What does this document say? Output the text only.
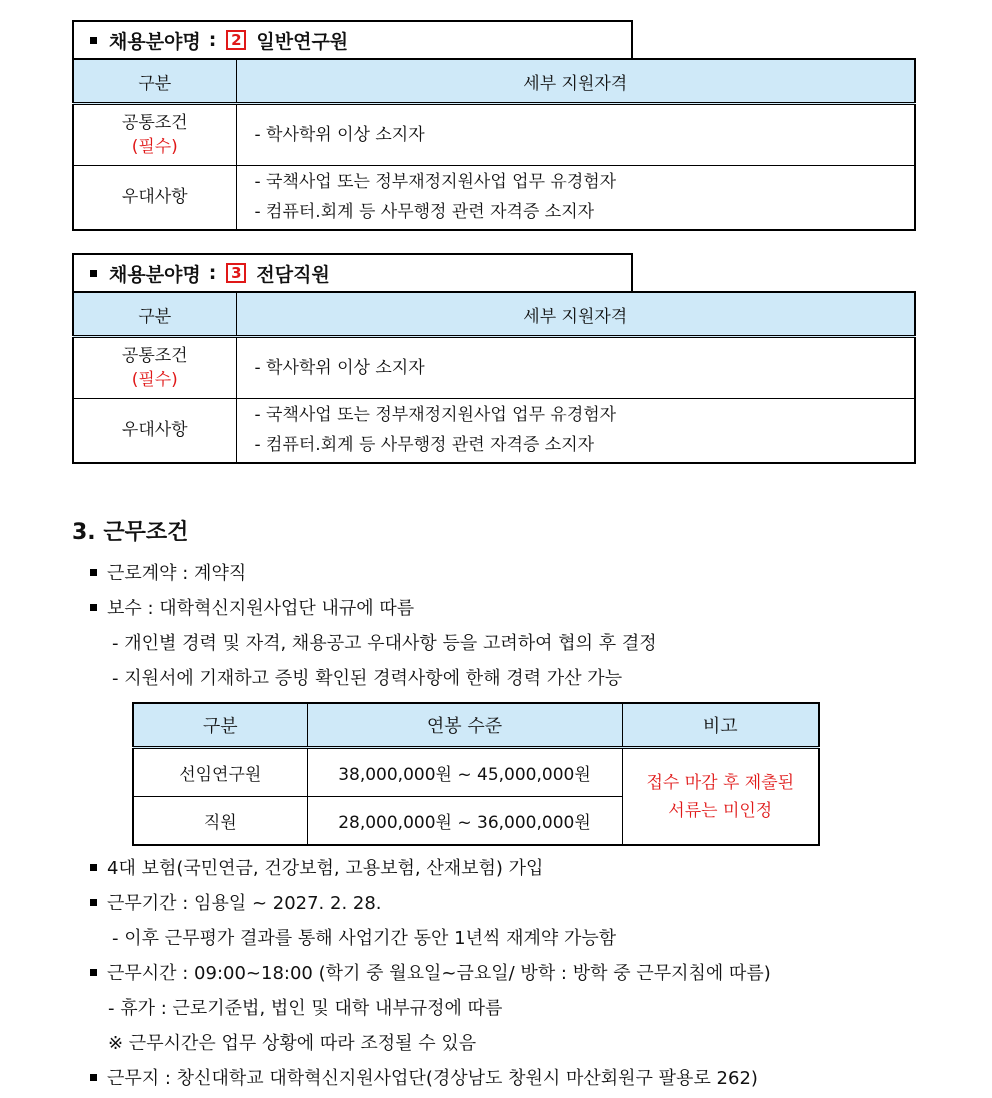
채용분야명 : 2 일반연구원
구분	세부 지원자격

공통조건
(필수)	- 학사학위 이상 소지자

우대사항	- 국책사업 또는 정부재정지원사업 업무 유경험자
- 컴퓨터.회계 등 사무행정 관련 자격증 소지자
채용분야명 : 3 전담직원
구분	세부 지원자격

공통조건
(필수)	- 학사학위 이상 소지자

우대사항	- 국책사업 또는 정부재정지원사업 업무 유경험자
- 컴퓨터.회계 등 사무행정 관련 자격증 소지자
3. 근무조건
근로계약 : 계약직
보수 : 대학혁신지원사업단 내규에 따름
- 개인별 경력 및 자격, 채용공고 우대사항 등을 고려하여 협의 후 결정
- 지원서에 기재하고 증빙 확인된 경력사항에 한해 경력 가산 가능
구분	연봉 수준	비고
선임연구원	38,000,000원 ~ 45,000,000원	접수 마감 후 제출된
서류는 미인정

직원	28,000,000원 ~ 36,000,000원	
4대 보험(국민연금, 건강보험, 고용보험, 산재보험) 가입
근무기간 : 임용일 ~ 2027. 2. 28.
- 이후 근무평가 결과를 통해 사업기간 동안 1년씩 재계약 가능함
근무시간 : 09:00~18:00 (학기 중 월요일~금요일/ 방학 : 방학 중 근무지침에 따름)
- 휴가 : 근로기준법, 법인 및 대학 내부규정에 따름
※ 근무시간은 업무 상황에 따라 조정될 수 있음
근무지 : 창신대학교 대학혁신지원사업단(경상남도 창원시 마산회원구 팔용로 262)
